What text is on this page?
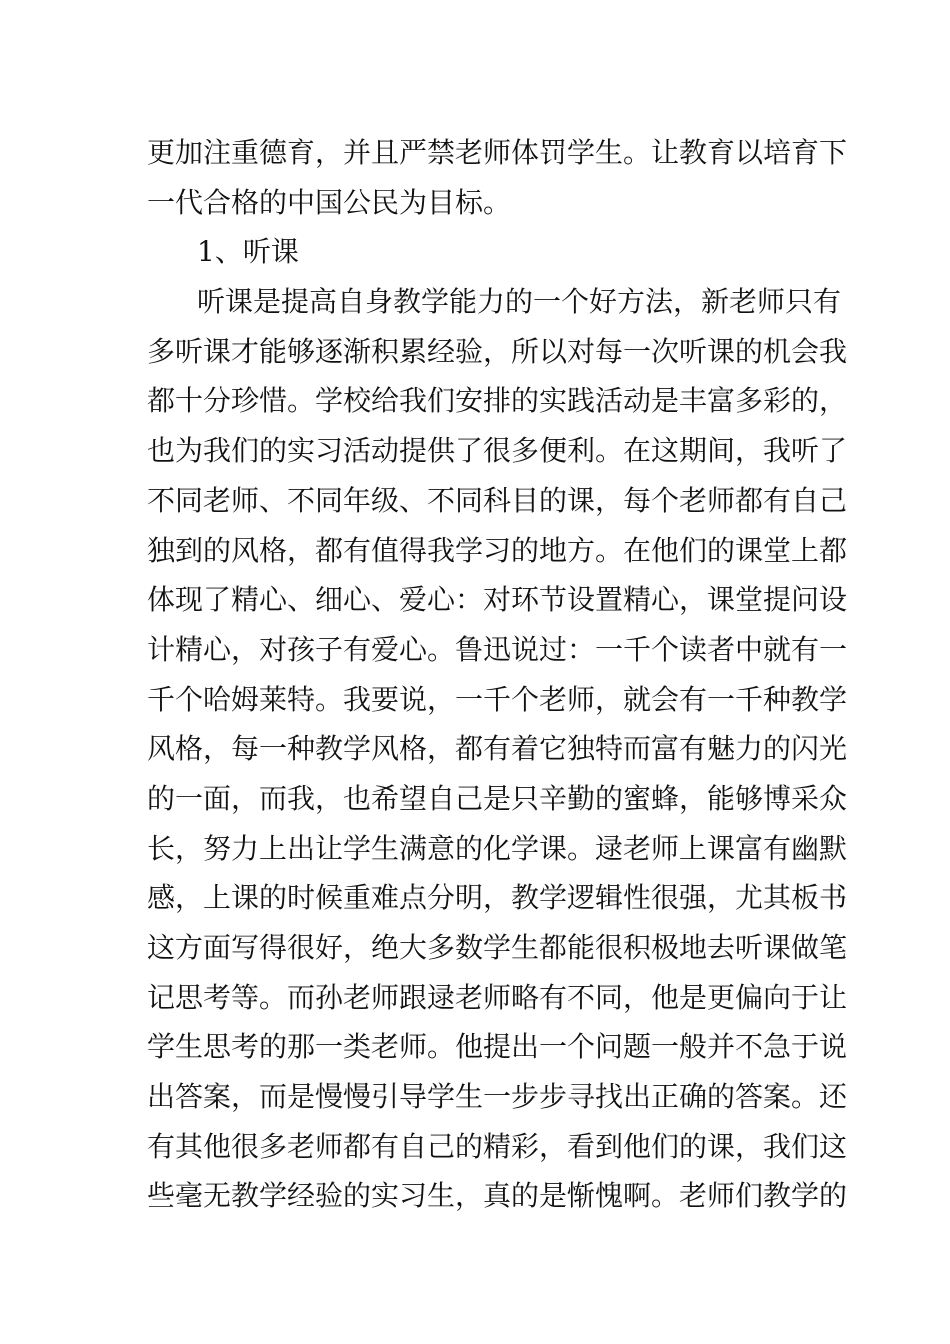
更加注重德育，并且严禁老师体罚学生。让教育以培育下
一代合格的中国公民为目标。
1、听课
听课是提高自身教学能力的一个好方法，新老师只有
多听课才能够逐渐积累经验，所以对每一次听课的机会我
都十分珍惜。学校给我们安排的实践活动是丰富多彩的，
也为我们的实习活动提供了很多便利。在这期间，我听了
不同老师、不同年级、不同科目的课，每个老师都有自己
独到的风格，都有值得我学习的地方。在他们的课堂上都
体现了精心、细心、爱心：对环节设置精心，课堂提问设
计精心，对孩子有爱心。鲁迅说过：一千个读者中就有一
千个哈姆莱特。我要说，一千个老师，就会有一千种教学
风格，每一种教学风格，都有着它独特而富有魅力的闪光
的一面，而我，也希望自己是只辛勤的蜜蜂，能够博采众
长，努力上出让学生满意的化学课。逯老师上课富有幽默
感，上课的时候重难点分明，教学逻辑性很强，尤其板书
这方面写得很好，绝大多数学生都能很积极地去听课做笔
记思考等。而孙老师跟逯老师略有不同，他是更偏向于让
学生思考的那一类老师。他提出一个问题一般并不急于说
出答案，而是慢慢引导学生一步步寻找出正确的答案。还
有其他很多老师都有自己的精彩，看到他们的课，我们这
些毫无教学经验的实习生，真的是惭愧啊。老师们教学的
